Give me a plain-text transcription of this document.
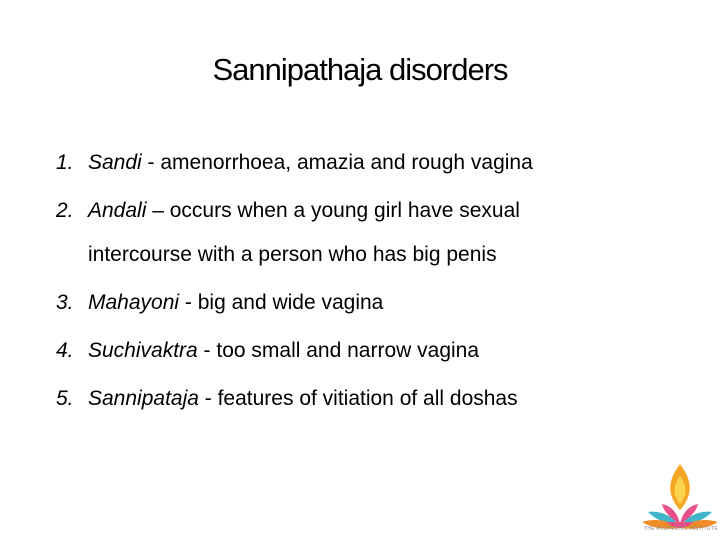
Sannipathaja disorders
1. Sandi - amenorrhoea, amazia and rough vagina
2. Andali – occurs when a young girl have sexual
intercourse with a person who has big penis
3. Mahayoni - big and wide vagina
4. Suchivaktra - too small and narrow vagina
5. Sannipataja - features of vitiation of all doshas
THE AYURVEDIC INSTITUTE
